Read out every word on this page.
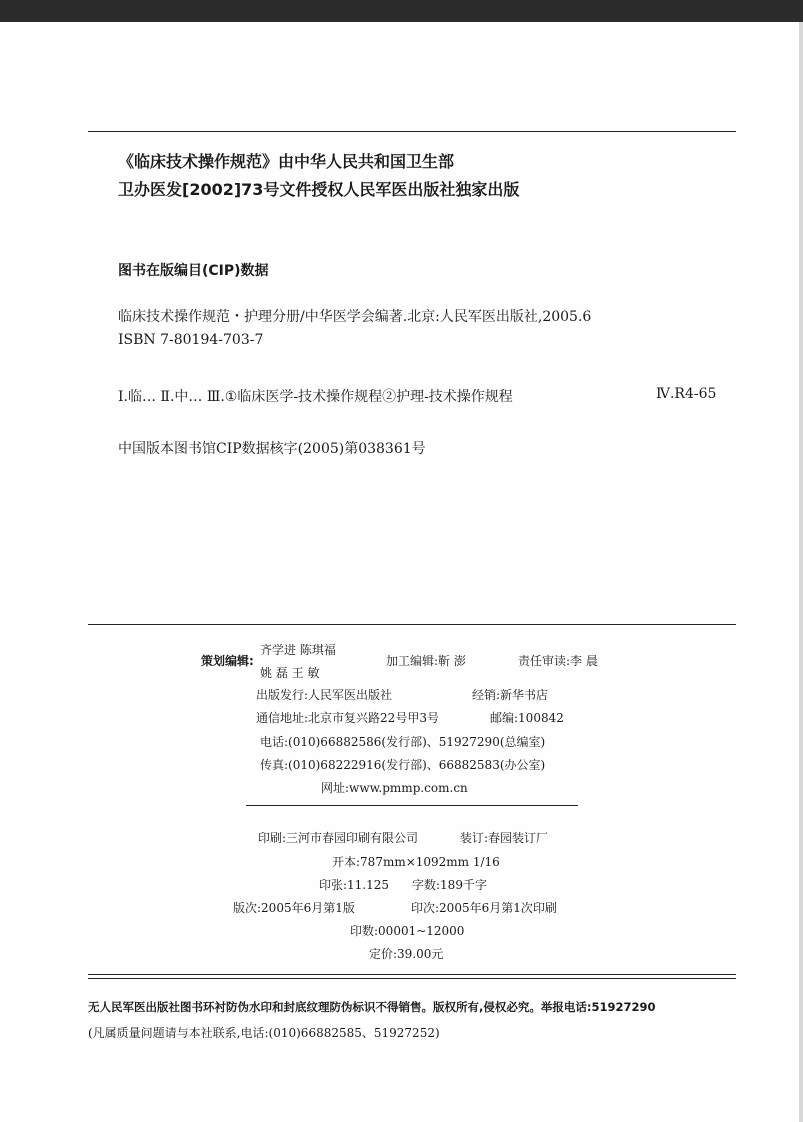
《临床技术操作规范》由中华人民共和国卫生部
卫办医发[2002]73号文件授权人民军医出版社独家出版
图书在版编目(CIP)数据
临床技术操作规范・护理分册/中华医学会编著.北京:人民军医出版社,2005.6
ISBN 7-80194-703-7
Ⅰ.临… Ⅱ.中… Ⅲ.①临床医学-技术操作规程②护理-技术操作规程	Ⅳ.R4-65
中国版本图书馆CIP数据核字(2005)第038361号
策划编辑:
齐学进 陈琪福
姚 磊 王 敏
加工编辑:靳 澎	责任审读:李 晨
出版发行:人民军医出版社	经销:新华书店
通信地址:北京市复兴路22号甲3号	邮编:100842
电话:(010)66882586(发行部)、51927290(总编室)
传真:(010)68222916(发行部)、66882583(办公室)
网址:www.pmmp.com.cn
印刷:三河市春园印刷有限公司	装订:春园装订厂
开本:787mm×1092mm 1/16
印张:11.125 字数:189千字
版次:2005年6月第1版	印次:2005年6月第1次印刷
印数:00001~12000
定价:39.00元
无人民军医出版社图书环衬防伪水印和封底纹理防伪标识不得销售。版权所有,侵权必究。举报电话:51927290
(凡属质量问题请与本社联系,电话:(010)66882585、51927252)
